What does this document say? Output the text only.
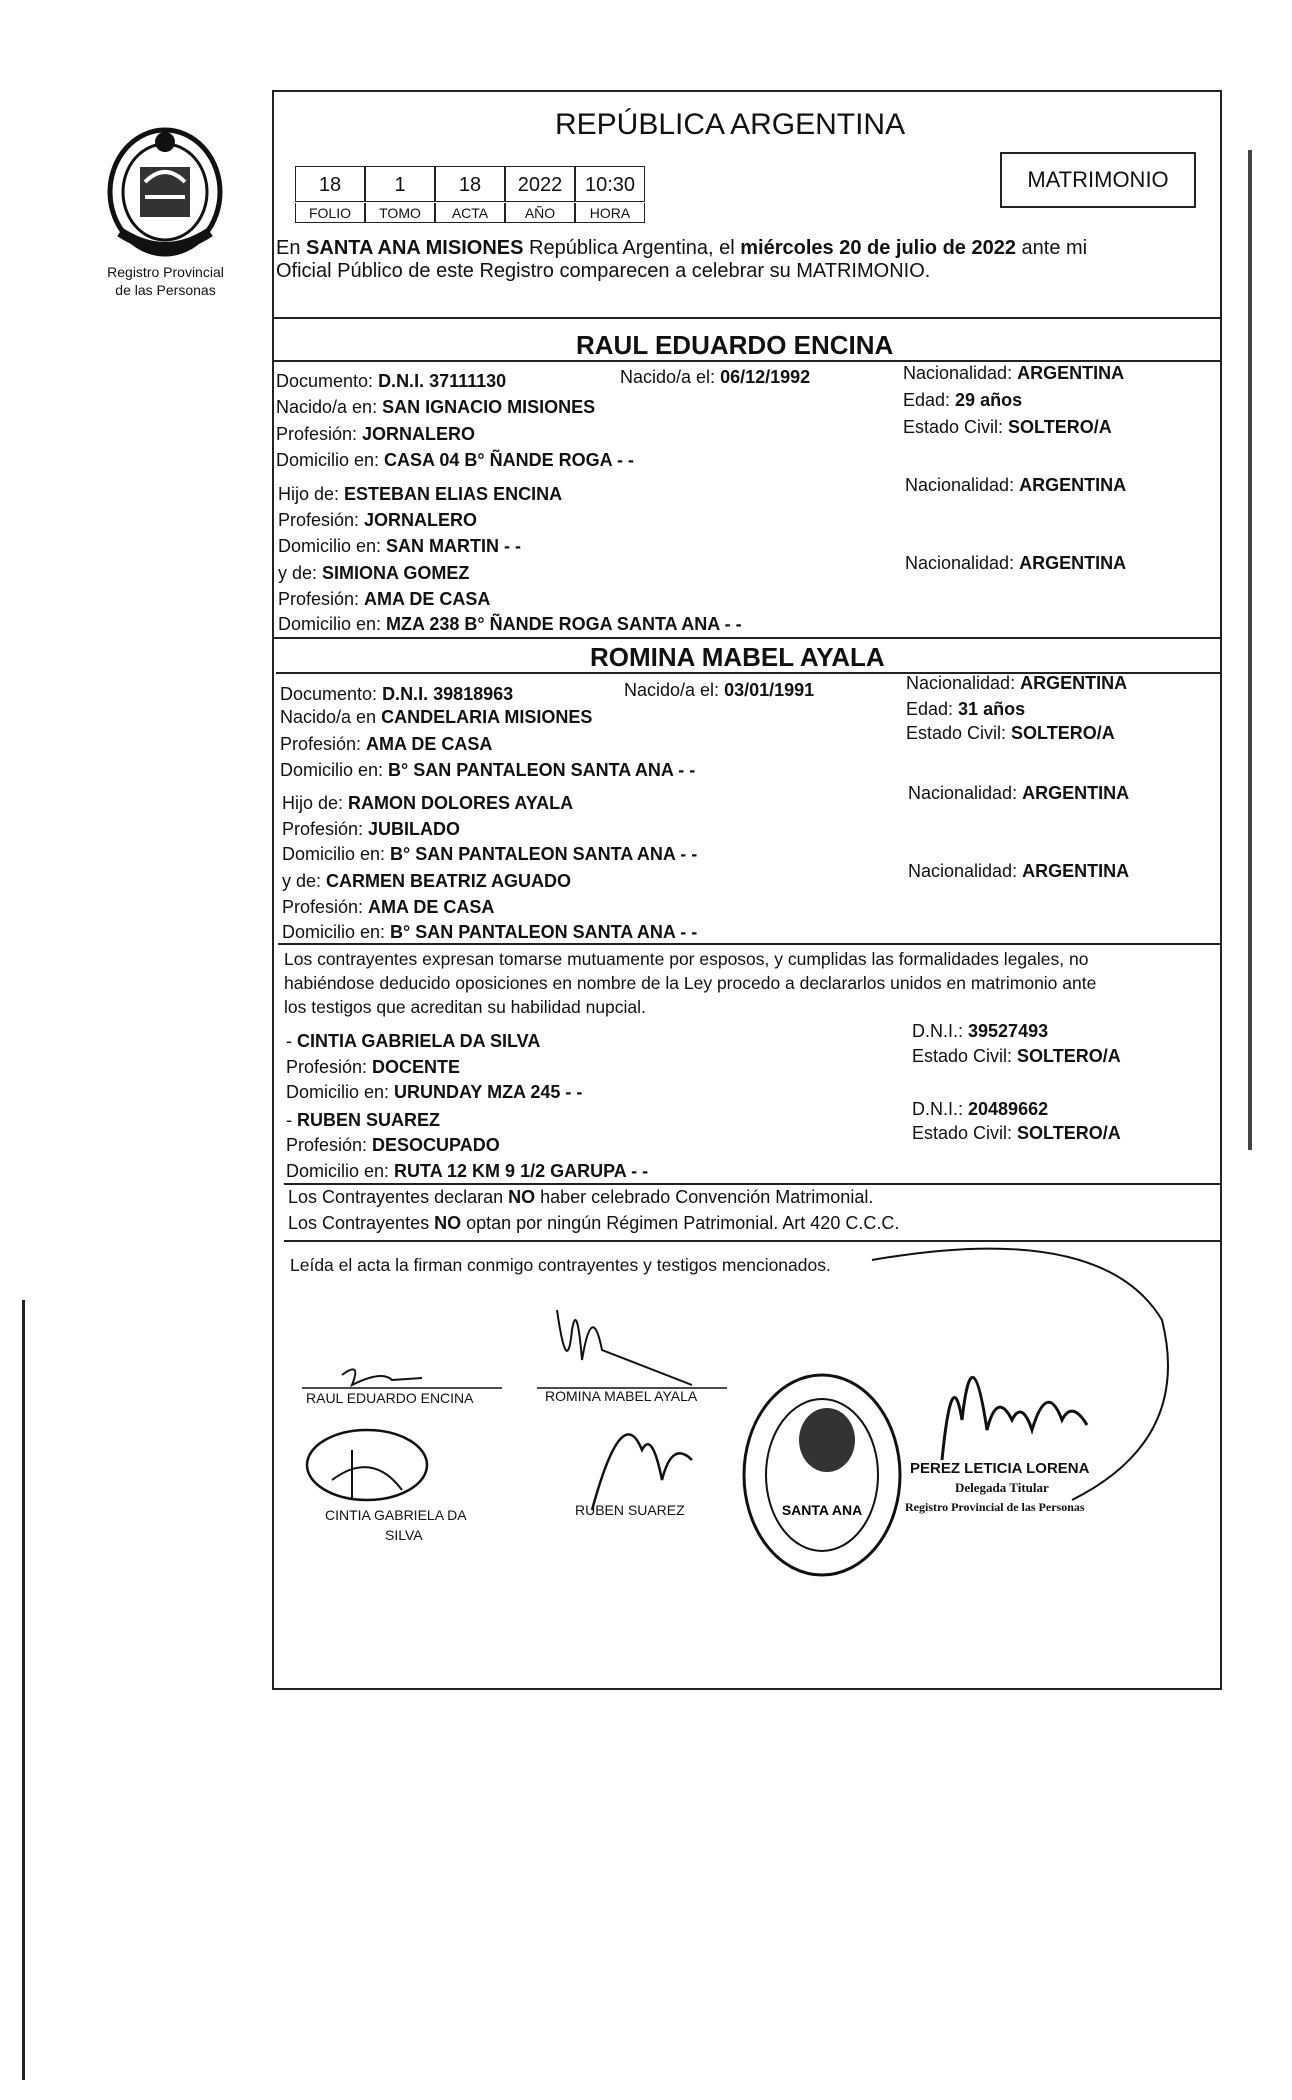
Registro Provincial
de las Personas
REPÚBLICA ARGENTINA
18	1	18	2022	10:30
FOLIO	TOMO	ACTA	AÑO	HORA
MATRIMONIO
En SANTA ANA MISIONES República Argentina, el miércoles 20 de julio de 2022 ante mi
Oficial Público de este Registro comparecen a celebrar su MATRIMONIO.
RAUL EDUARDO ENCINA
Documento: D.N.I. 37111130	Nacido/a el: 06/12/1992	Nacionalidad: ARGENTINA
Nacido/a en: SAN IGNACIO MISIONES	Edad: 29 años
Profesión: JORNALERO	Estado Civil: SOLTERO/A
Domicilio en: CASA 04 B° ÑANDE ROGA - -
Hijo de: ESTEBAN ELIAS ENCINA	Nacionalidad: ARGENTINA
Profesión: JORNALERO
Domicilio en: SAN MARTIN - -
y de: SIMIONA GOMEZ	Nacionalidad: ARGENTINA
Profesión: AMA DE CASA
Domicilio en: MZA 238 B° ÑANDE ROGA SANTA ANA - -
ROMINA MABEL AYALA
Documento: D.N.I. 39818963	Nacido/a el: 03/01/1991	Nacionalidad: ARGENTINA
Nacido/a en CANDELARIA MISIONES	Edad: 31 años
Profesión: AMA DE CASA
Estado Civil: SOLTERO/A
Domicilio en: B° SAN PANTALEON SANTA ANA - -
Hijo de: RAMON DOLORES AYALA	Nacionalidad: ARGENTINA
Profesión: JUBILADO
Domicilio en: B° SAN PANTALEON SANTA ANA - -
y de: CARMEN BEATRIZ AGUADO	Nacionalidad: ARGENTINA
Profesión: AMA DE CASA
Domicilio en: B° SAN PANTALEON SANTA ANA - -
Los contrayentes expresan tomarse mutuamente por esposos, y cumplidas las formalidades legales, no
habiéndose deducido oposiciones en nombre de la Ley procedo a declararlos unidos en matrimonio ante
los testigos que acreditan su habilidad nupcial.
- CINTIA GABRIELA DA SILVA	D.N.I.: 39527493
Profesión: DOCENTE
Estado Civil: SOLTERO/A
Domicilio en: URUNDAY MZA 245 - -
- RUBEN SUAREZ
D.N.I.: 20489662
Profesión: DESOCUPADO
Estado Civil: SOLTERO/A
Domicilio en: RUTA 12 KM 9 1/2 GARUPA - -
Los Contrayentes declaran NO haber celebrado Convención Matrimonial.
Los Contrayentes NO optan por ningún Régimen Patrimonial. Art 420 C.C.C.
Leída el acta la firman conmigo contrayentes y testigos mencionados.
SANTA ANA
RAUL EDUARDO ENCINA	ROMINA MABEL AYALA
CINTIA GABRIELA DA
SILVA
RUBEN SUAREZ
PEREZ LETICIA LORENA
Delegada Titular
Registro Provincial de las Personas
